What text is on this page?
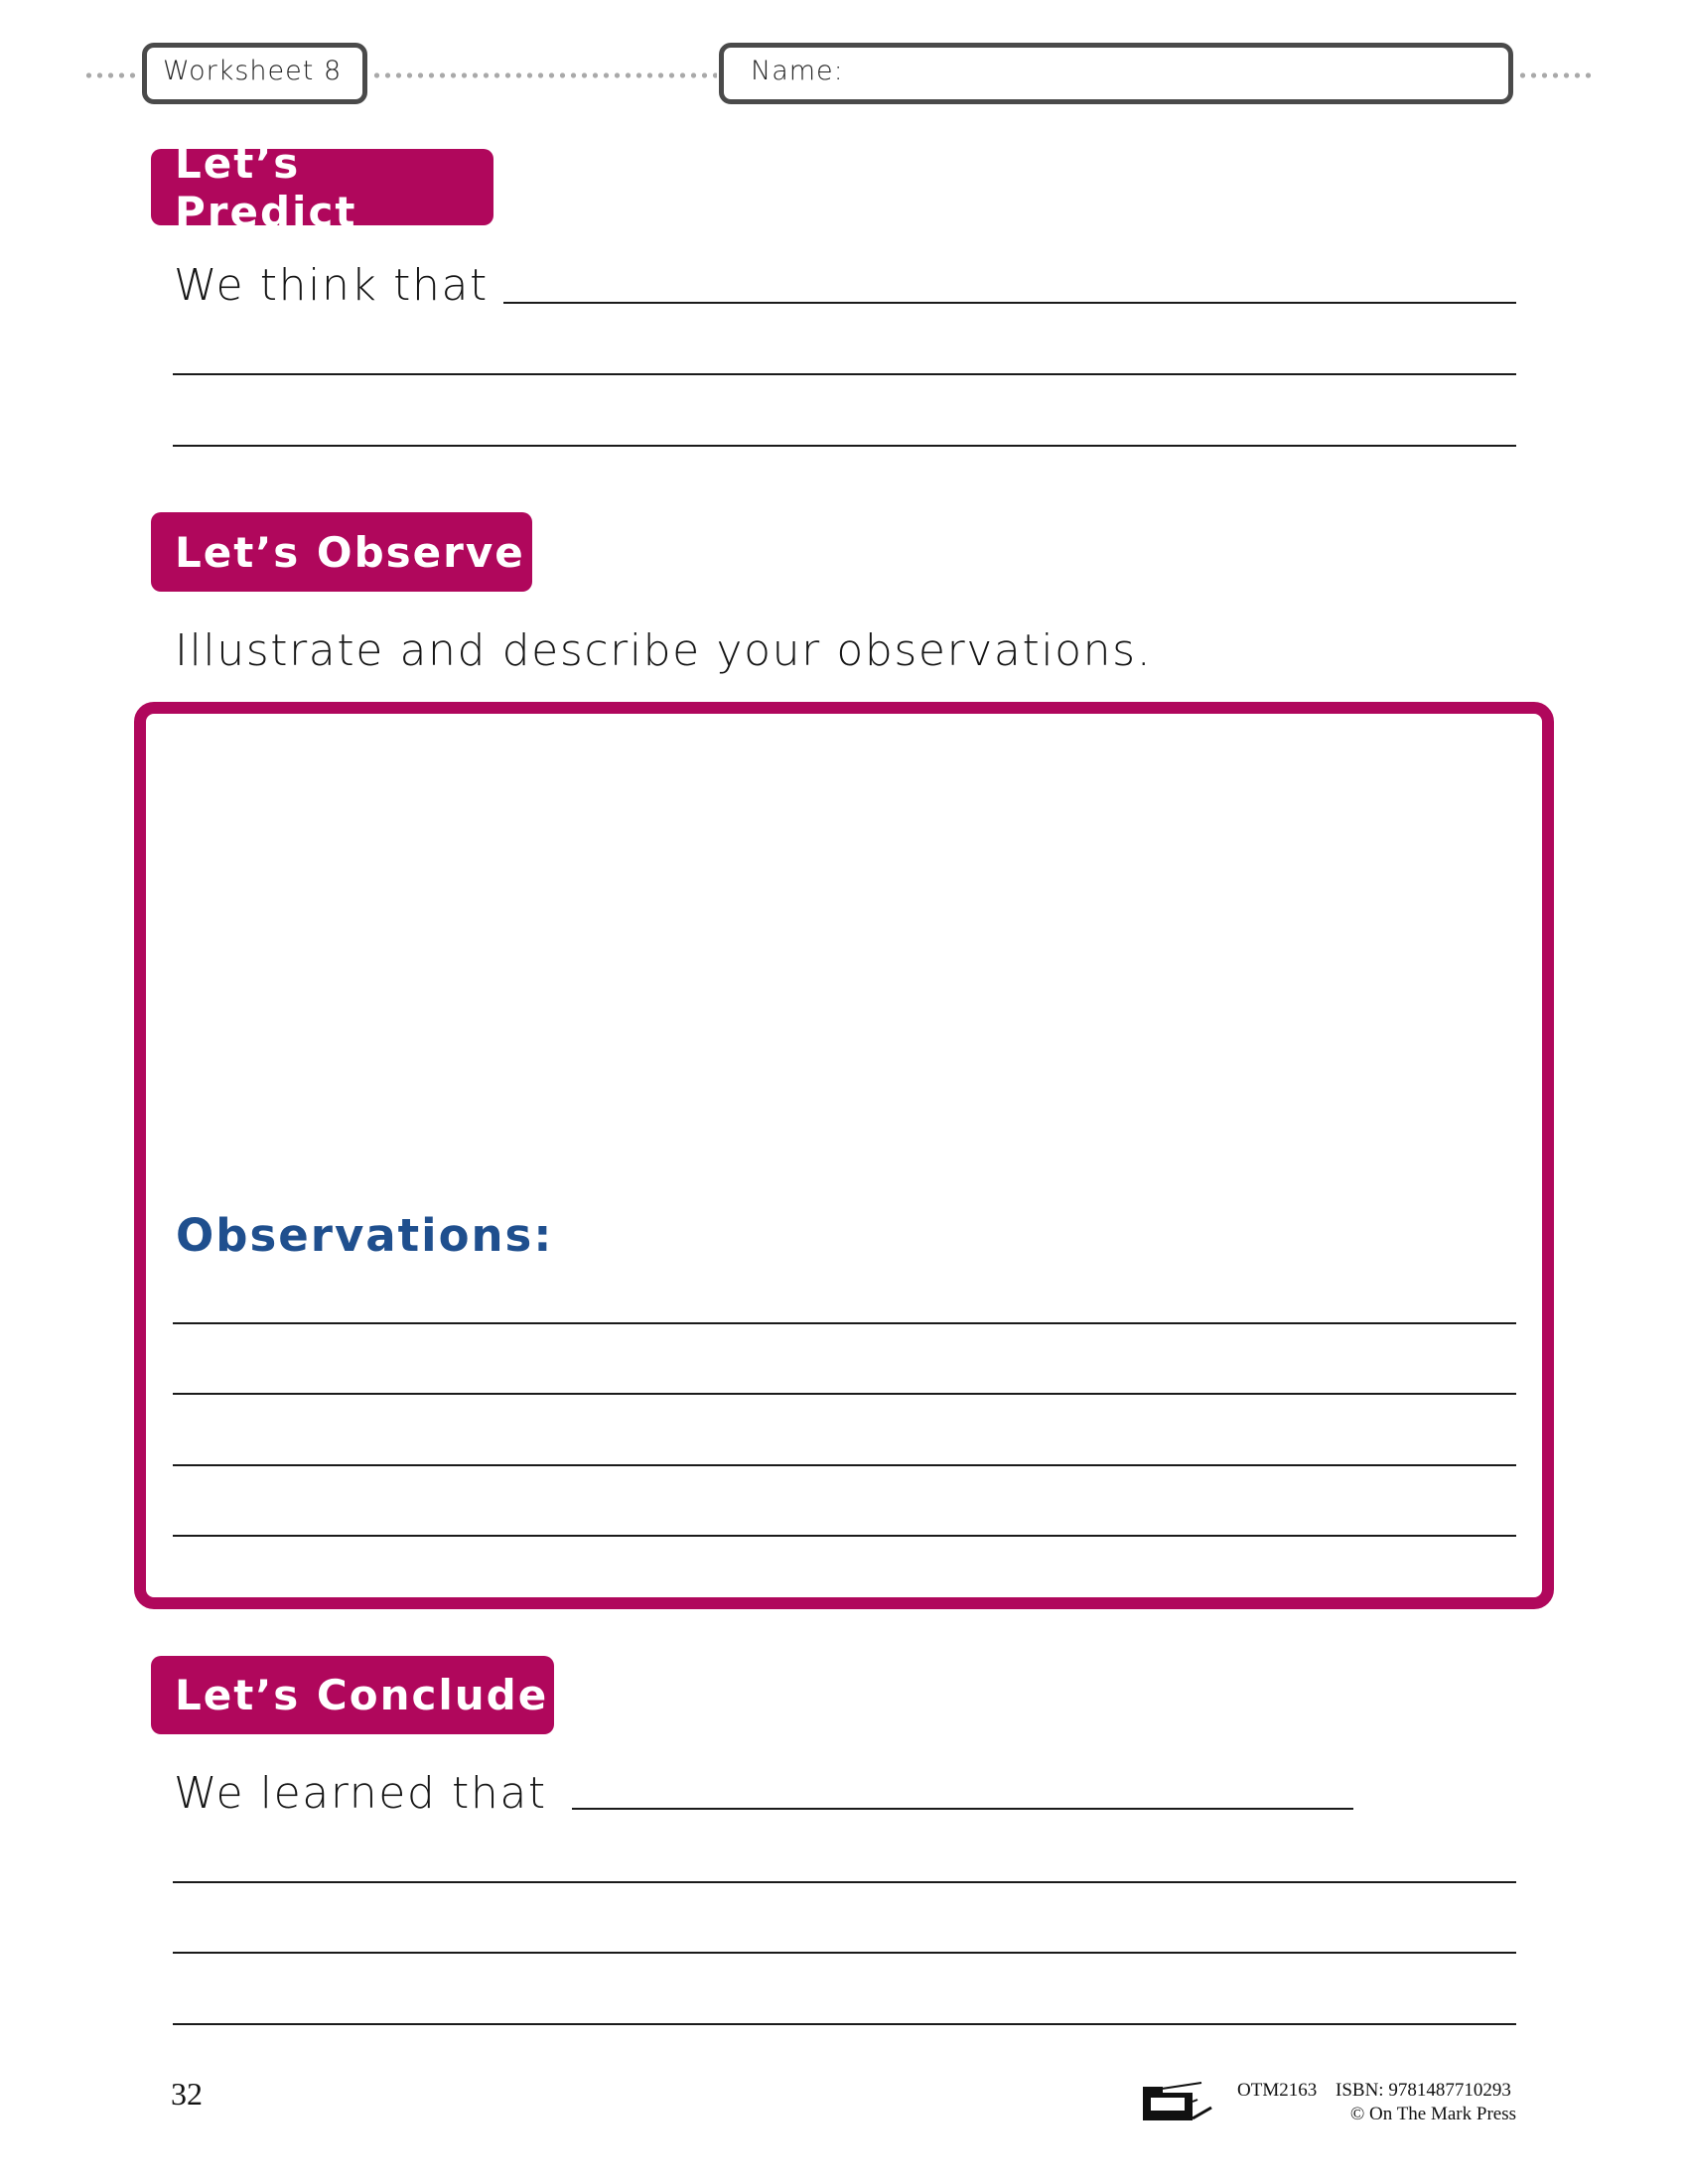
Worksheet 8	Name:
Let’s Predict
We think that
Let’s Observe
Illustrate and describe your observations.
Observations:
Let’s Conclude
We learned that
32	OTM2163 ISBN: 9781487710293
© On The Mark Press
